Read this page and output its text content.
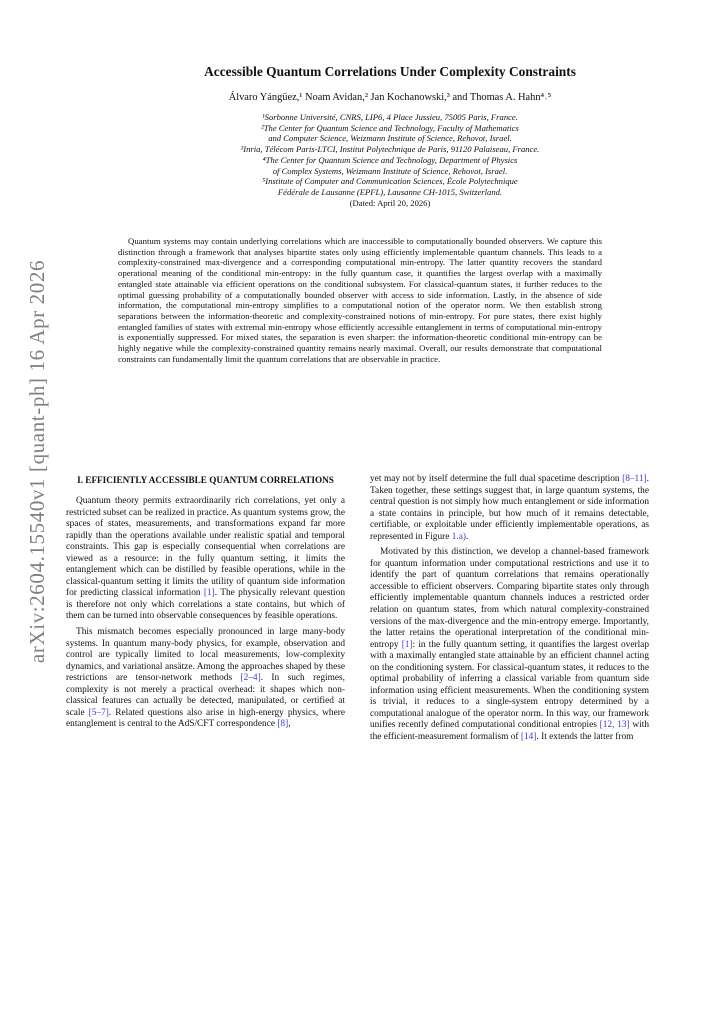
arXiv:2604.15540v1 [quant-ph] 16 Apr 2026
Accessible Quantum Correlations Under Complexity Constraints
Álvaro Yángüez,¹ Noam Avidan,² Jan Kochanowski,³ and Thomas A. Hahn⁴˒⁵
¹Sorbonne Université, CNRS, LIP6, 4 Place Jussieu, 75005 Paris, France.
²The Center for Quantum Science and Technology, Faculty of Mathematics
and Computer Science, Weizmann Institute of Science, Rehovot, Israel.
³Inria, Télécom Paris-LTCI, Institut Polytechnique de Paris, 91120 Palaiseau, France.
⁴The Center for Quantum Science and Technology, Department of Physics
of Complex Systems, Weizmann Institute of Science, Rehovot, Israel.
⁵Institute of Computer and Communication Sciences, École Polytechnique
Fédérale de Lausanne (EPFL), Lausanne CH-1015, Switzerland.
(Dated: April 20, 2026)
Quantum systems may contain underlying correlations which are inaccessible to computationally bounded observers. We capture this distinction through a framework that analyses bipartite states only using efficiently implementable quantum channels. This leads to a complexity-constrained max-divergence and a corresponding computational min-entropy. The latter quantity recovers the standard operational meaning of the conditional min-entropy: in the fully quantum case, it quantifies the largest overlap with a maximally entangled state attainable via efficient operations on the conditional subsystem. For classical-quantum states, it further reduces to the optimal guessing probability of a computationally bounded observer with access to side information. Lastly, in the absence of side information, the computational min-entropy simplifies to a computational notion of the operator norm. We then establish strong separations between the information-theoretic and complexity-constrained notions of min-entropy. For pure states, there exist highly entangled families of states with extremal min-entropy whose efficiently accessible entanglement in terms of computational min-entropy is exponentially suppressed. For mixed states, the separation is even sharper: the information-theoretic conditional min-entropy can be highly negative while the complexity-constrained quantity remains nearly maximal. Overall, our results demonstrate that computational constraints can fundamentally limit the quantum correlations that are observable in practice.
I. EFFICIENTLY ACCESSIBLE QUANTUM CORRELATIONS

Quantum theory permits extraordinarily rich correlations, yet only a restricted subset can be realized in practice. As quantum systems grow, the spaces of states, measurements, and transformations expand far more rapidly than the operations available under realistic spatial and temporal constraints. This gap is especially consequential when correlations are viewed as a resource: in the fully quantum setting, it limits the entanglement which can be distilled by feasible operations, while in the classical-quantum setting it limits the utility of quantum side information for predicting classical information [1]. The physically relevant question is therefore not only which correlations a state contains, but which of them can be turned into observable consequences by feasible operations.

This mismatch becomes especially pronounced in large many-body systems. In quantum many-body physics, for example, observation and control are typically limited to local measurements, low-complexity dynamics, and variational ansätze. Among the approaches shaped by these restrictions are tensor-network methods [2–4]. In such regimes, complexity is not merely a practical overhead: it shapes which non-classical features can actually be detected, manipulated, or certified at scale [5–7]. Related questions also arise in high-energy physics, where entanglement is central to the AdS/CFT correspondence [8],

yet may not by itself determine the full dual spacetime description [8–11]. Taken together, these settings suggest that, in large quantum systems, the central question is not simply how much entanglement or side information a state contains in principle, but how much of it remains detectable, certifiable, or exploitable under efficiently implementable operations, as represented in Figure 1.a).

Motivated by this distinction, we develop a channel-based framework for quantum information under computational restrictions and use it to identify the part of quantum correlations that remains operationally accessible to efficient observers. Comparing bipartite states only through efficiently implementable quantum channels induces a restricted order relation on quantum states, from which natural complexity-constrained versions of the max-divergence and the min-entropy emerge. Importantly, the latter retains the operational interpretation of the conditional min-entropy [1]: in the fully quantum setting, it quantifies the largest overlap with a maximally entangled state attainable by an efficient channel acting on the conditioning system. For classical-quantum states, it reduces to the optimal probability of inferring a classical variable from quantum side information using efficient measurements. When the conditioning system is trivial, it reduces to a single-system entropy determined by a computational analogue of the operator norm. In this way, our framework unifies recently defined computational conditional entropies [12, 13] with the efficient-measurement formalism of [14]. It extends the latter from
